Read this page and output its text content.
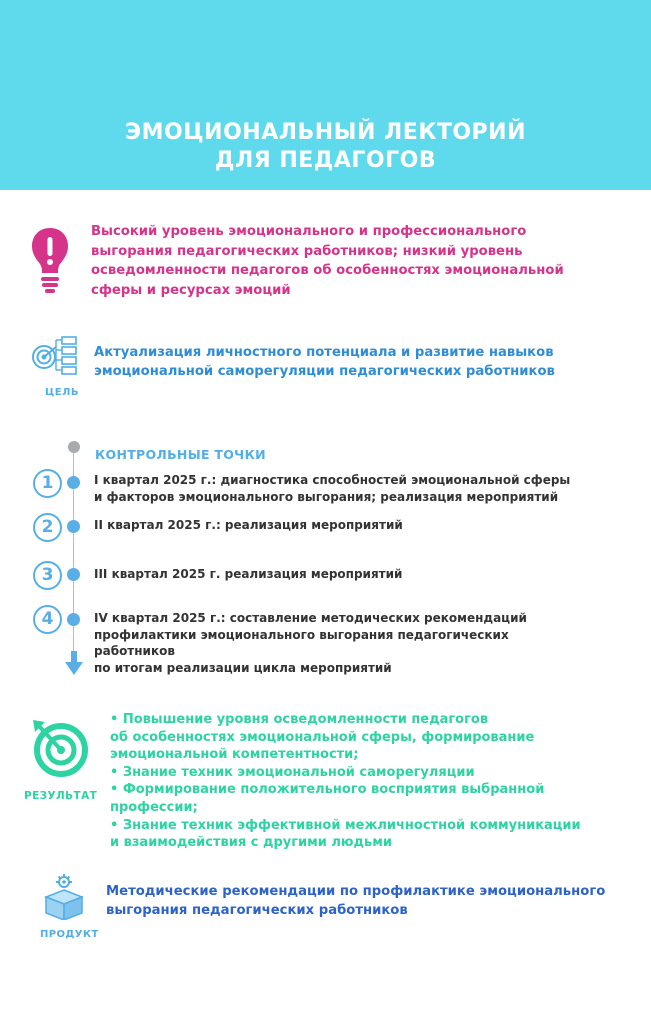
ЭМОЦИОНАЛЬНЫЙ ЛЕКТОРИЙ
ДЛЯ ПЕДАГОГОВ
Высокий уровень эмоционального и профессионального
выгорания педагогических работников; низкий уровень
осведомленности педагогов об особенностях эмоциональной
сферы и ресурсах эмоций
ЦЕЛЬ
Актуализация личностного потенциала и развитие навыков
эмоциональной саморегуляции педагогических работников
КОНТРОЛЬНЫЕ ТОЧКИ
1	I квартал 2025 г.: диагностика способностей эмоциональной сферы
и факторов эмоционального выгорания; реализация мероприятий
2	II квартал 2025 г.: реализация мероприятий
3	III квартал 2025 г. реализация мероприятий
4	IV квартал 2025 г.: составление методических рекомендаций
профилактики эмоционального выгорания педагогических работников
по итогам реализации цикла мероприятий
РЕЗУЛЬТАТ
• Повышение уровня осведомленности педагогов
об особенностях эмоциональной сферы, формирование
эмоциональной компетентности;
• Знание техник эмоциональной саморегуляции
• Формирование положительного восприятия выбранной
профессии;
• Знание техник эффективной межличностной коммуникации
и взаимодействия с другими людьми
ПРОДУКТ
Методические рекомендации по профилактике эмоционального
выгорания педагогических работников
